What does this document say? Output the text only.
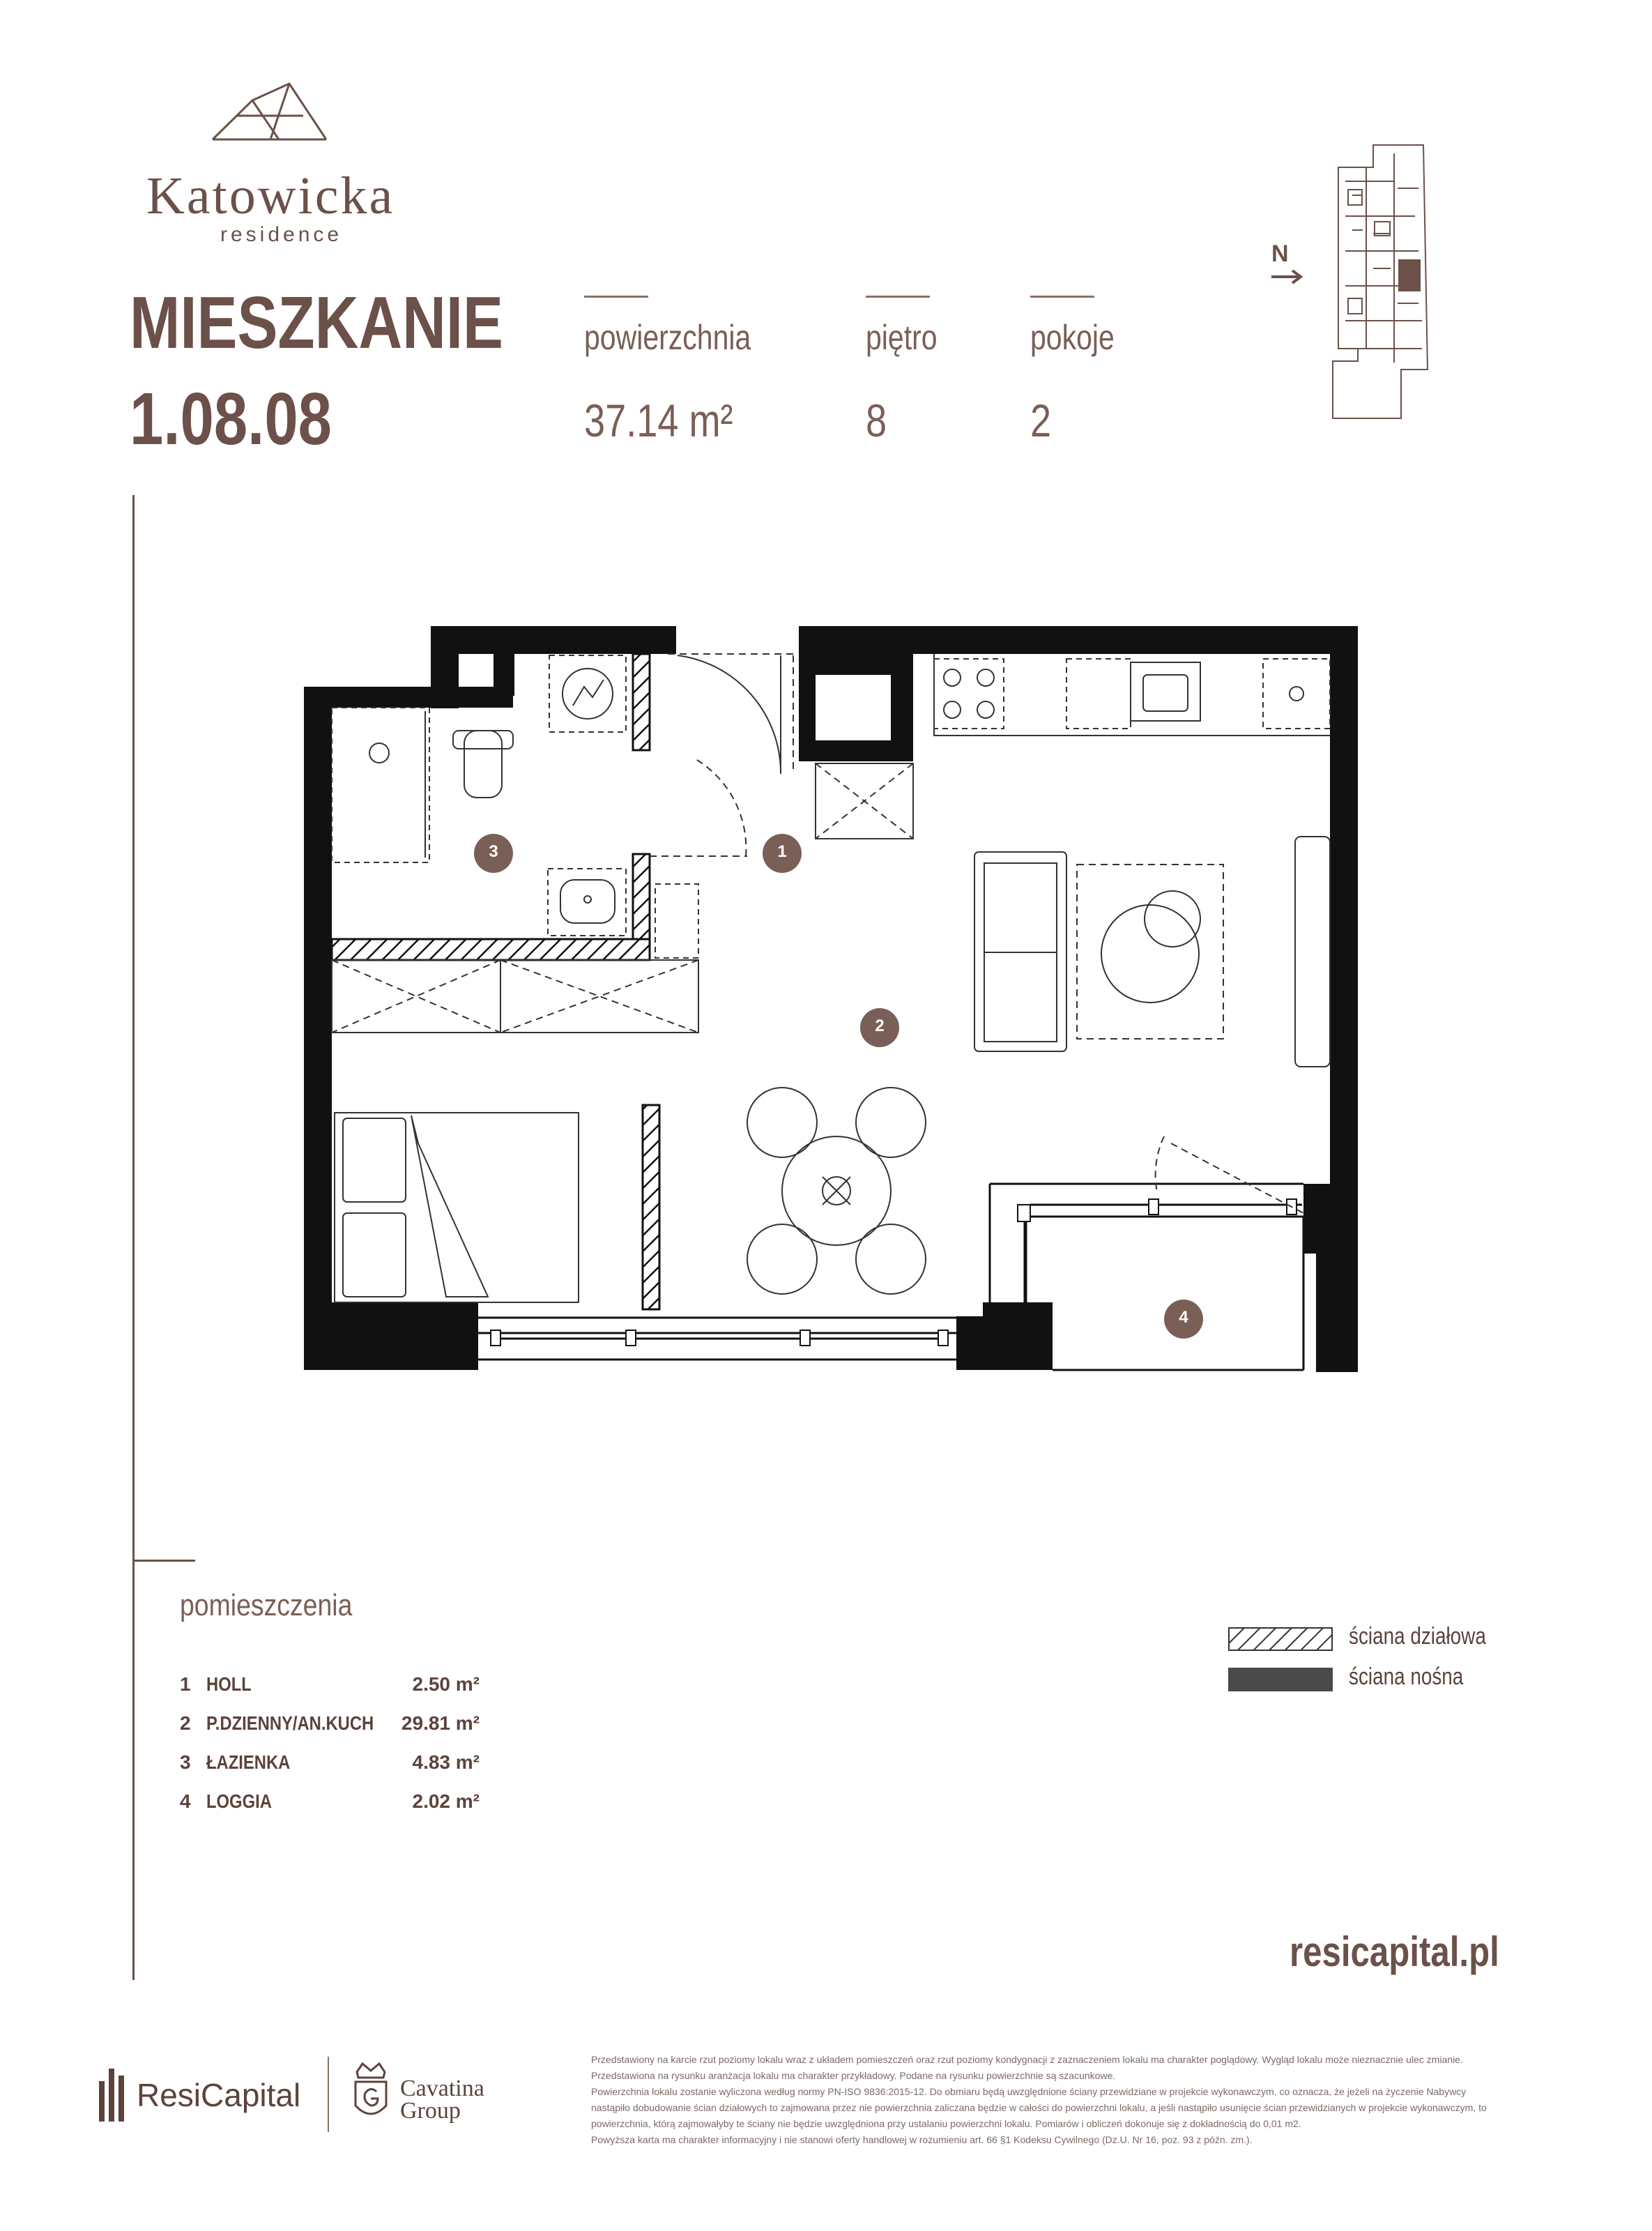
Katowicka
residence
MIESZKANIE
1.08.08
powierzchnia
37.14 m²
piętro
8
pokoje
2
N
3	1
2
4
pomieszczenia
1 HOLL	2.50 m²
2 P.DZIENNY/AN.KUCH 29.81 m²
3 ŁAZIENKA	4.83 m²
4 LOGGIA	2.02 m²
ściana działowa
ściana nośna
resicapital.pl
ResiCapital	Cavatina
Group

Przedstawiony na karcie rzut poziomy lokalu wraz z układem pomieszczeń oraz rzut poziomy kondygnacji z zaznaczeniem lokalu ma charakter poglądowy. Wygląd lokalu może nieznacznie ulec zmianie.

Przedstawiona na rysunku aranżacja lokalu ma charakter przykładowy. Podane na rysunku powierzchnie są szacunkowe.

Powierzchnia lokalu zostanie wyliczona według normy PN-ISO 9836:2015-12. Do obmiaru będą uwzględnione ściany przewidziane w projekcie wykonawczym, co oznacza, że jeżeli na życzenie Nabywcy nastąpiło dobudowanie ścian działowych to zajmowana przez nie powierzchnia zaliczana będzie w całości do powierzchni lokalu, a jeśli nastąpiło usunięcie ścian przewidzianych w projekcie wykonawczym, to powierzchnia, którą zajmowałyby te ściany nie będzie uwzględniona przy ustalaniu powierzchni lokalu. Pomiarów i obliczeń dokonuje się z dokładnością do 0,01 m2.

Powyższa karta ma charakter informacyjny i nie stanowi oferty handlowej w rozumieniu art. 66 §1 Kodeksu Cywilnego (Dz.U. Nr 16, poz. 93 z późn. zm.).
